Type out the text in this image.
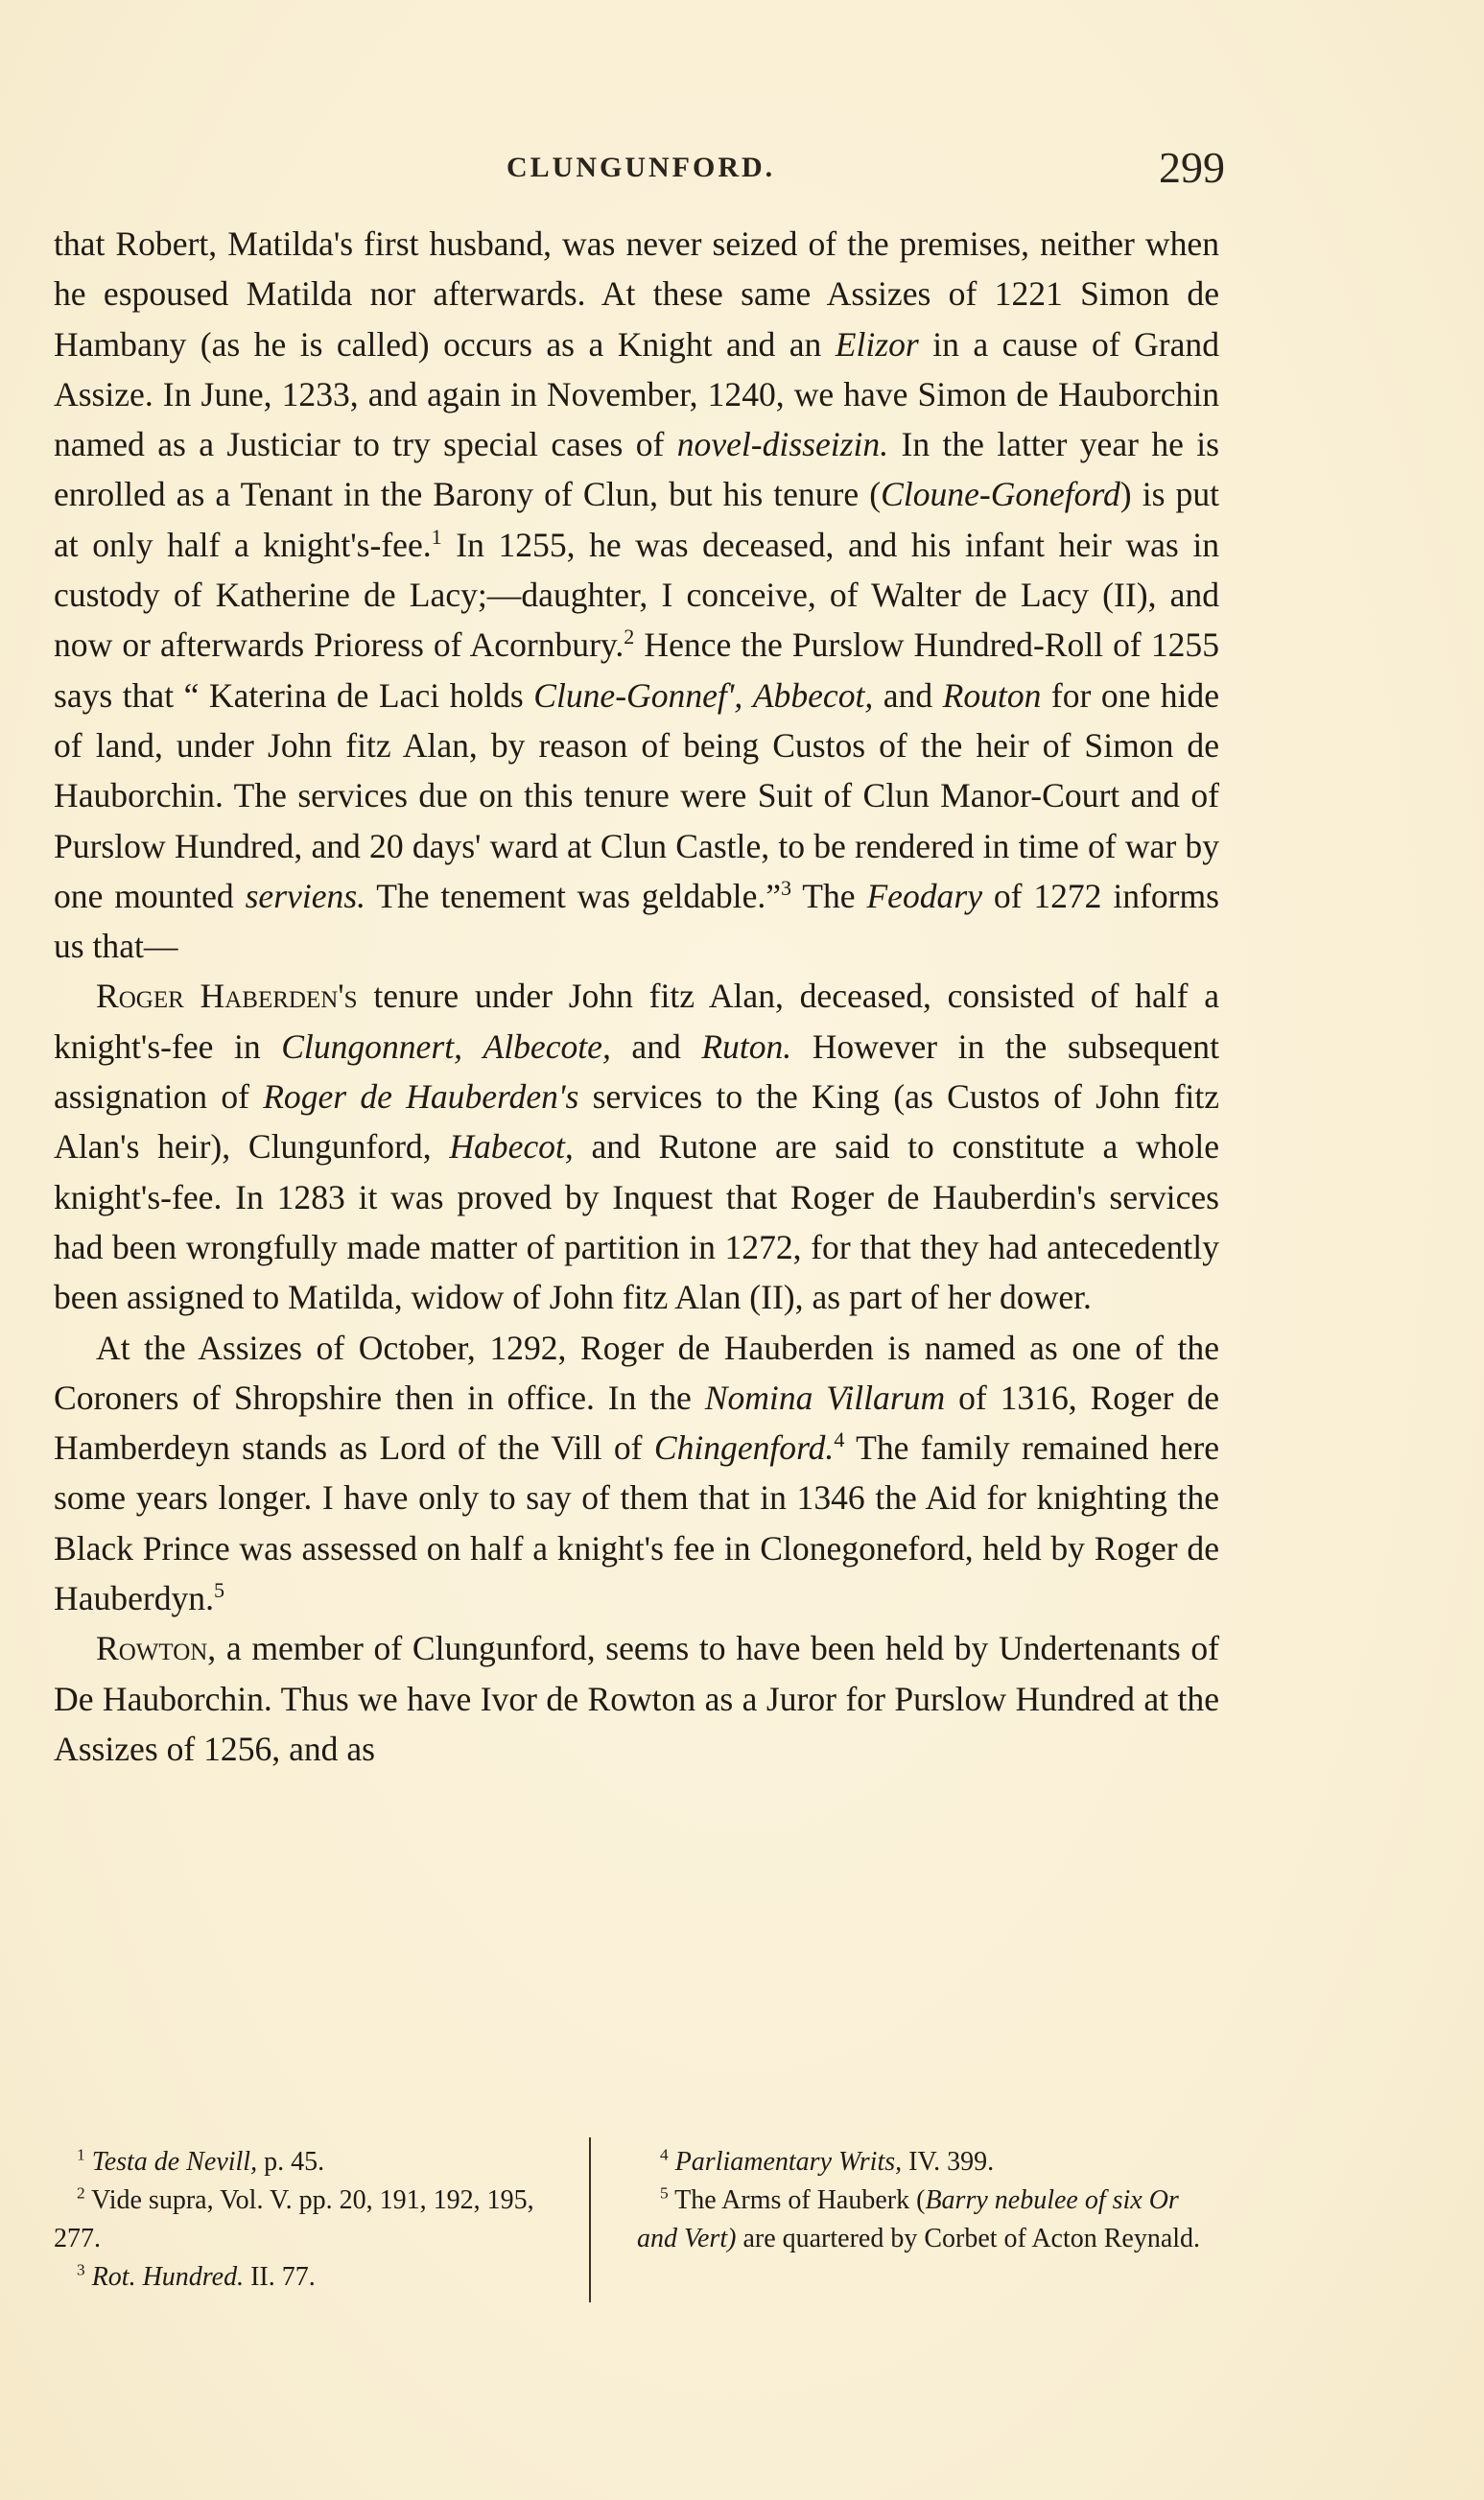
CLUNGUNFORD.	299

that Robert, Matilda's first husband, was never seized of the premises, neither when he espoused Matilda nor afterwards. At these same Assizes of 1221 Simon de Hambany (as he is called) occurs as a Knight and an Elizor in a cause of Grand Assize. In June, 1233, and again in November, 1240, we have Simon de Hauborchin named as a Justiciar to try special cases of novel-disseizin. In the latter year he is enrolled as a Tenant in the Barony of Clun, but his tenure (Cloune-Goneford) is put at only half a knight's-fee.$^1$ In 1255, he was deceased, and his infant heir was in custody of Katherine de Lacy;—daughter, I conceive, of Walter de Lacy (II), and now or afterwards Prioress of Acornbury.$^2$ Hence the Purslow Hundred-Roll of 1255 says that “ Katerina de Laci holds Clune-Gonnef', Abbecot, and Routon for one hide of land, under John fitz Alan, by reason of being Custos of the heir of Simon de Hauborchin. The services due on this tenure were Suit of Clun Manor-Court and of Purslow Hundred, and 20 days' ward at Clun Castle, to be rendered in time of war by one mounted serviens. The tenement was geldable.”$^3$ The Feodary of 1272 informs us that—

Roger Haberden's tenure under John fitz Alan, deceased, consisted of half a knight's-fee in Clungonnert, Albecote, and Ruton. However in the subsequent assignation of Roger de Hauberden's services to the King (as Custos of John fitz Alan's heir), Clungunford, Habecot, and Rutone are said to constitute a whole knight's-fee. In 1283 it was proved by Inquest that Roger de Hauberdin's services had been wrongfully made matter of partition in 1272, for that they had antecedently been assigned to Matilda, widow of John fitz Alan (II), as part of her dower.

At the Assizes of October, 1292, Roger de Hauberden is named as one of the Coroners of Shropshire then in office. In the Nomina Villarum of 1316, Roger de Hamberdeyn stands as Lord of the Vill of Chingenford.$^4$ The family remained here some years longer. I have only to say of them that in 1346 the Aid for knighting the Black Prince was assessed on half a knight's fee in Clonegoneford, held by Roger de Hauberdyn.$^5$

Rowton, a member of Clungunford, seems to have been held by Undertenants of De Hauborchin. Thus we have Ivor de Rowton as a Juror for Purslow Hundred at the Assizes of 1256, and as

$^1$ Testa de Nevill, p. 45.

$^2$ Vide supra, Vol. V. pp. 20, 191, 192, 195, 277.

$^3$ Rot. Hundred. II. 77.

$^4$ Parliamentary Writs, IV. 399.

$^5$ The Arms of Hauberk (Barry nebulee of six Or and Vert) are quartered by Corbet of Acton Reynald.
